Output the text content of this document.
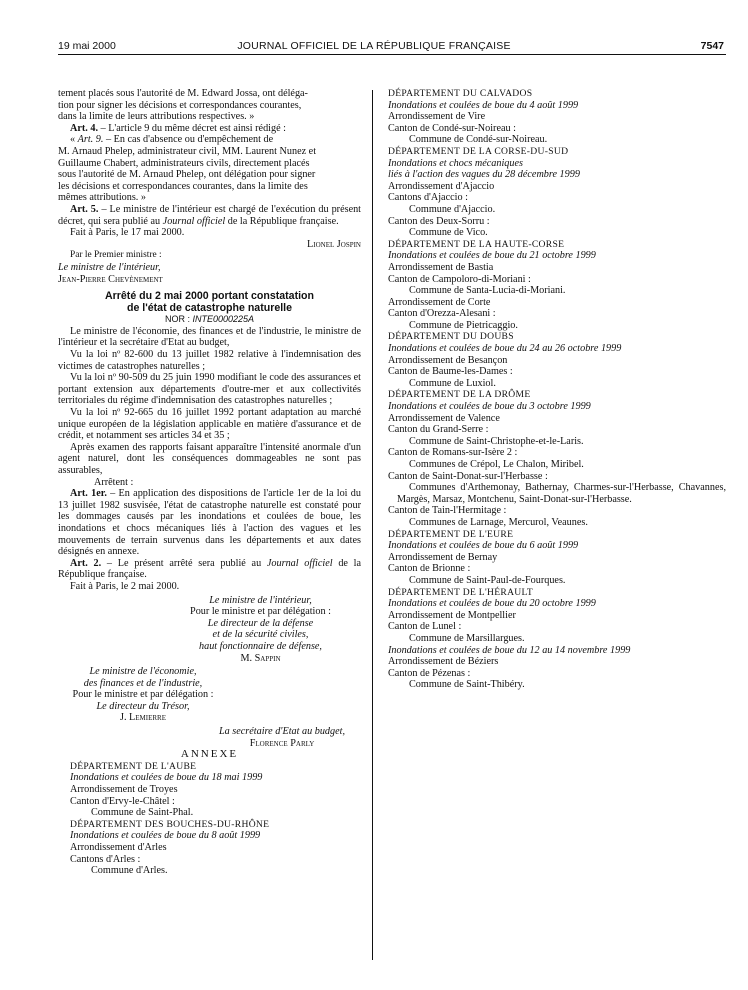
19 mai 2000	JOURNAL OFFICIEL DE LA RÉPUBLIQUE FRANÇAISE	7547

tement placés sous l'autorité de M. Edward Jossa, ont déléga-

tion pour signer les décisions et correspondances courantes,

dans la limite de leurs attributions respectives. »

Art. 4. – L'article 9 du même décret est ainsi rédigé :

« Art. 9. – En cas d'absence ou d'empêchement de

M. Arnaud Phelep, administrateur civil, MM. Laurent Nunez et

Guillaume Chabert, administrateurs civils, directement placés

sous l'autorité de M. Arnaud Phelep, ont délégation pour signer

les décisions et correspondances courantes, dans la limite des

mêmes attributions. »

Art. 5. – Le ministre de l'intérieur est chargé de l'exécution du présent décret, qui sera publié au Journal officiel de la République française.

Fait à Paris, le 17 mai 2000.

Lionel Jospin

Par le Premier ministre :

Le ministre de l'intérieur,

Jean-Pierre Chevènement

Arrêté du 2 mai 2000 portant constatation
de l'état de catastrophe naturelle
NOR : INTE0000225A

Le ministre de l'économie, des finances et de l'industrie, le ministre de l'intérieur et la secrétaire d'Etat au budget,

Vu la loi nº 82-600 du 13 juillet 1982 relative à l'indemnisation des victimes de catastrophes naturelles ;

Vu la loi nº 90-509 du 25 juin 1990 modifiant le code des assurances et portant extension aux départements d'outre-mer et aux collectivités territoriales du régime d'indemnisation des catastrophes naturelles ;

Vu la loi nº 92-665 du 16 juillet 1992 portant adaptation au marché unique européen de la législation applicable en matière d'assurance et de crédit, et notamment ses articles 34 et 35 ;

Après examen des rapports faisant apparaître l'intensité anormale d'un agent naturel, dont les conséquences dommageables ne sont pas assurables,

Arrêtent :

Art. 1er. – En application des dispositions de l'article 1er de la loi du 13 juillet 1982 susvisée, l'état de catastrophe naturelle est constaté pour les dommages causés par les inondations et coulées de boue, les inondations et chocs mécaniques liés à l'action des vagues et les mouvements de terrain survenus dans les départements et aux dates désignés en annexe.

Art. 2. – Le présent arrêté sera publié au Journal officiel de la République française.

Fait à Paris, le 2 mai 2000.

Le ministre de l'intérieur,
Pour le ministre et par délégation :
Le directeur de la défense
et de la sécurité civiles,
haut fonctionnaire de défense,
M. Sappin
Le ministre de l'économie,
des finances et de l'industrie,
Pour le ministre et par délégation :
Le directeur du Trésor,
J. Lemierre
La secrétaire d'Etat au budget,
Florence Parly

ANNEXE

DÉPARTEMENT DE L'AUBE

Inondations et coulées de boue du 18 mai 1999

Arrondissement de Troyes

Canton d'Ervy-le-Châtel :

Commune de Saint-Phal.

DÉPARTEMENT DES BOUCHES-DU-RHÔNE

Inondations et coulées de boue du 8 août 1999

Arrondissement d'Arles

Cantons d'Arles :

Commune d'Arles.

DÉPARTEMENT DU CALVADOS

Inondations et coulées de boue du 4 août 1999

Arrondissement de Vire

Canton de Condé-sur-Noireau :

Commune de Condé-sur-Noireau.

DÉPARTEMENT DE LA CORSE-DU-SUD

Inondations et chocs mécaniques

liés à l'action des vagues du 28 décembre 1999

Arrondissement d'Ajaccio

Cantons d'Ajaccio :

Commune d'Ajaccio.

Canton des Deux-Sorru :

Commune de Vico.

DÉPARTEMENT DE LA HAUTE-CORSE

Inondations et coulées de boue du 21 octobre 1999

Arrondissement de Bastia

Canton de Campoloro-di-Moriani :

Commune de Santa-Lucia-di-Moriani.

Arrondissement de Corte

Canton d'Orezza-Alesani :

Commune de Pietricaggio.

DÉPARTEMENT DU DOUBS

Inondations et coulées de boue du 24 au 26 octobre 1999

Arrondissement de Besançon

Canton de Baume-les-Dames :

Commune de Luxiol.

DÉPARTEMENT DE LA DRÔME

Inondations et coulées de boue du 3 octobre 1999

Arrondissement de Valence

Canton du Grand-Serre :

Commune de Saint-Christophe-et-le-Laris.

Canton de Romans-sur-Isère 2 :

Communes de Crépol, Le Chalon, Miribel.

Canton de Saint-Donat-sur-l'Herbasse :

Communes d'Arthemonay, Bathernay, Charmes-sur-l'Herbasse, Chavannes, Margès, Marsaz, Montchenu, Saint-Donat-sur-l'Herbasse.

Canton de Tain-l'Hermitage :

Communes de Larnage, Mercurol, Veaunes.

DÉPARTEMENT DE L'EURE

Inondations et coulées de boue du 6 août 1999

Arrondissement de Bernay

Canton de Brionne :

Commune de Saint-Paul-de-Fourques.

DÉPARTEMENT DE L'HÉRAULT

Inondations et coulées de boue du 20 octobre 1999

Arrondissement de Montpellier

Canton de Lunel :

Commune de Marsillargues.

Inondations et coulées de boue du 12 au 14 novembre 1999

Arrondissement de Béziers

Canton de Pézenas :

Commune de Saint-Thibéry.
